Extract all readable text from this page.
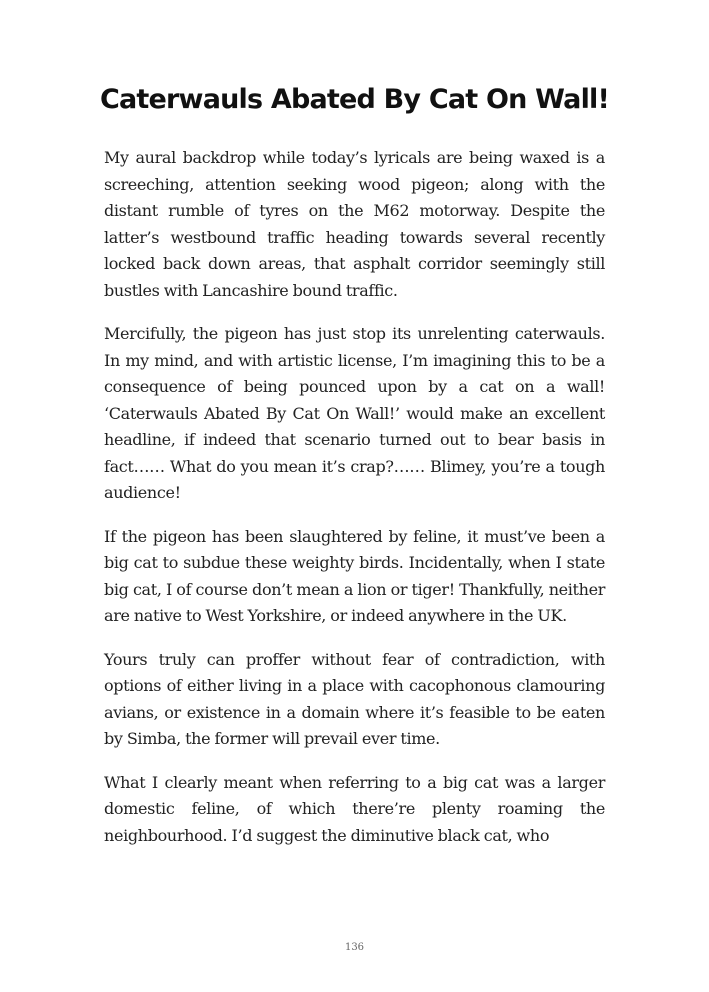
Caterwauls Abated By Cat On Wall!

My aural backdrop while today’s lyricals are being waxed is a screeching, attention seeking wood pigeon; along with the distant rumble of tyres on the M62 motorway. Despite the latter’s westbound traffic heading towards several recently locked back down areas, that asphalt corridor seemingly still bustles with Lancashire bound traffic.

Mercifully, the pigeon has just stop its unrelenting caterwauls. In my mind, and with artistic license, I’m imagining this to be a consequence of being pounced upon by a cat on a wall! ‘Caterwauls Abated By Cat On Wall!’ would make an excellent headline, if indeed that scenario turned out to bear basis in fact…… What do you mean it’s crap?…… Blimey, you’re a tough audience!

If the pigeon has been slaughtered by feline, it must’ve been a big cat to subdue these weighty birds. Incidentally, when I state big cat, I of course don’t mean a lion or tiger! Thankfully, neither are native to West Yorkshire, or indeed anywhere in the UK.

Yours truly can proffer without fear of contradiction, with options of either living in a place with cacophonous clamouring avians, or existence in a domain where it’s feasible to be eaten by Simba, the former will prevail ever time.

What I clearly meant when referring to a big cat was a larger domestic feline, of which there’re plenty roaming the neighbourhood. I’d suggest the diminutive black cat, who

136
